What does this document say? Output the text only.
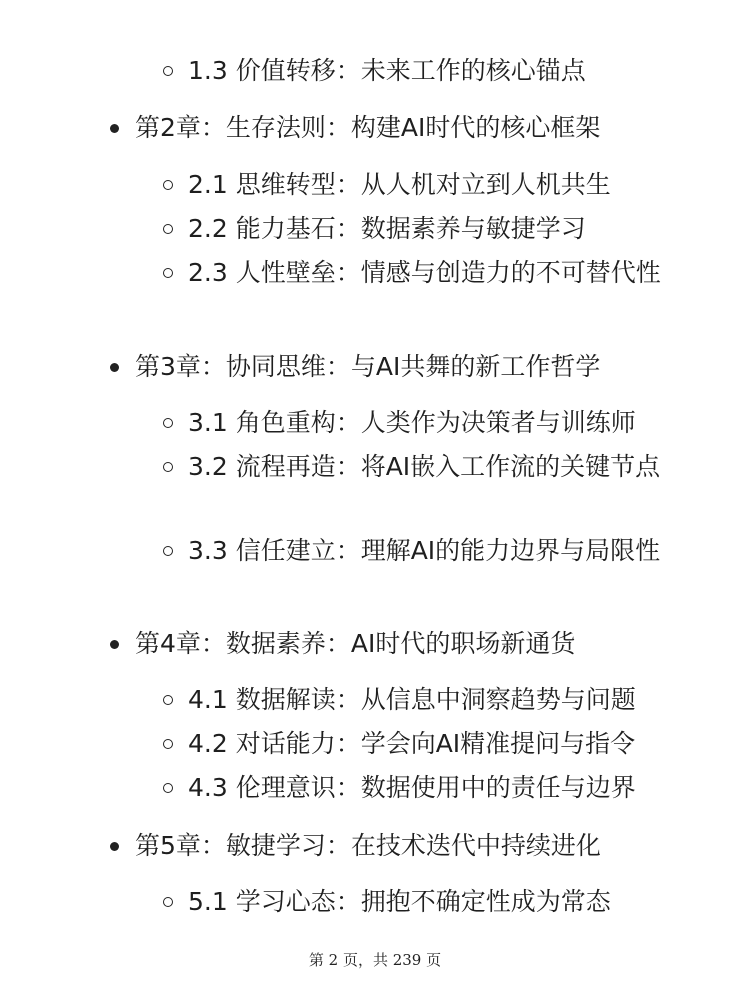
1.3 价值转移：未来工作的核心锚点
第2章：生存法则：构建AI时代的核心框架
2.1 思维转型：从人机对立到人机共生
2.2 能力基石：数据素养与敏捷学习
2.3 人性壁垒：情感与创造力的不可替代性
第3章：协同思维：与AI共舞的新工作哲学
3.1 角色重构：人类作为决策者与训练师
3.2 流程再造：将AI嵌入工作流的关键节点
3.3 信任建立：理解AI的能力边界与局限性
第4章：数据素养：AI时代的职场新通货
4.1 数据解读：从信息中洞察趋势与问题
4.2 对话能力：学会向AI精准提问与指令
4.3 伦理意识：数据使用中的责任与边界
第5章：敏捷学习：在技术迭代中持续进化
5.1 学习心态：拥抱不确定性成为常态
第 2 页，共 239 页
